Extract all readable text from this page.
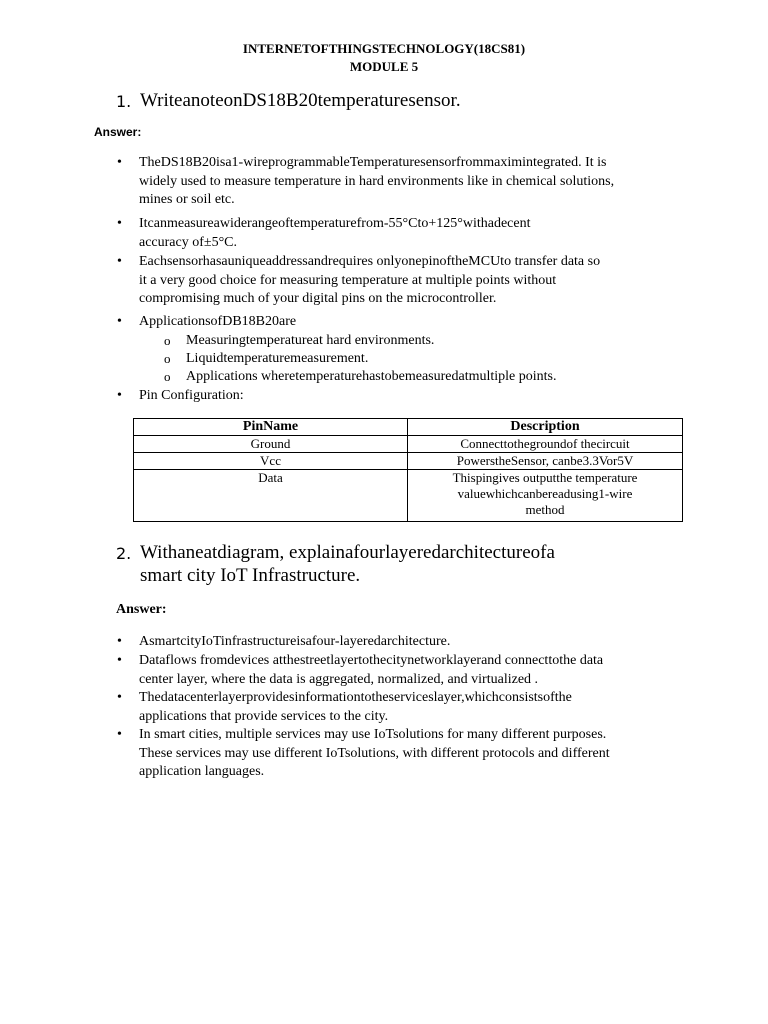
INTERNETOFTHINGSTECHNOLOGY(18CS81)
MODULE 5
1. WriteanoteonDS18B20temperaturesensor.
Answer:
• TheDS18B20isa1-wireprogrammableTemperaturesensorfrommaximintegrated. It is
widely used to measure temperature in hard environments like in chemical solutions,
mines or soil etc.
• Itcanmeasureawiderangeoftemperaturefrom-55°Cto+125°withadecent
accuracy of±5°C.
• Eachsensorhasauniqueaddressandrequires onlyonepinoftheMCUto transfer data so
it a very good choice for measuring temperature at multiple points without
compromising much of your digital pins on the microcontroller.
• ApplicationsofDB18B20are
o Measuringtemperatureat hard environments.
o Liquidtemperaturemeasurement.
o Applications wheretemperaturehastobemeasuredatmultiple points.
• Pin Configuration:
PinName	Description
Ground	Connecttothegroundof thecircuit
Vcc	PowerstheSensor, canbe3.3Vor5V
Data	Thispingives outputthe temperature
valuewhichcanbereadusing1-wire
method
2. Withaneatdiagram, explainafourlayeredarchitectureofa
smart city IoT Infrastructure.
Answer:
• AsmartcityIoTinfrastructureisafour-layeredarchitecture.
• Dataflows fromdevices atthestreetlayertothecitynetworklayerand connecttothe data
center layer, where the data is aggregated, normalized, and virtualized .
• Thedatacenterlayerprovidesinformationtotheserviceslayer,whichconsistsofthe
applications that provide services to the city.
• In smart cities, multiple services may use IoTsolutions for many different purposes.
These services may use different IoTsolutions, with different protocols and different
application languages.
